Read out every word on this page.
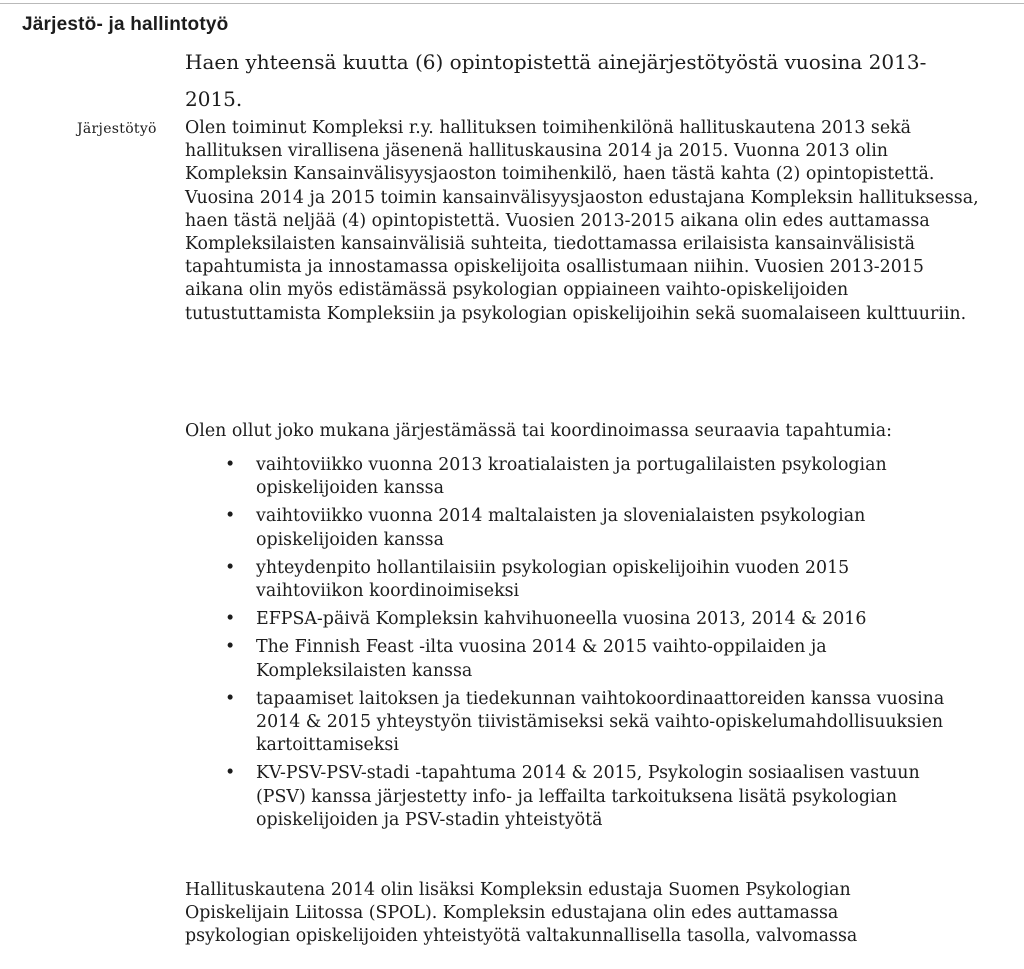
Järjestö- ja hallintotyö
Haen yhteensä kuutta (6) opintopistettä ainejärjestötyöstä vuosina 2013-2015.
Järjestötyö Olen toiminut Kompleksi r.y. hallituksen toimihenkilönä hallituskautena 2013 sekä hallituksen virallisena jäsenenä hallituskausina 2014 ja 2015. Vuonna 2013 olin Kompleksin Kansainvälisyysjaoston toimihenkilö, haen tästä kahta (2) opintopistettä. Vuosina 2014 ja 2015 toimin kansainvälisyysjaoston edustajana Kompleksin hallituksessa, haen tästä neljää (4) opintopistettä. Vuosien 2013-2015 aikana olin edes auttamassa Kompleksilaisten kansainvälisiä suhteita, tiedottamassa erilaisista kansainvälisistä tapahtumista ja innostamassa opiskelijoita osallistumaan niihin. Vuosien 2013-2015 aikana olin myös edistämässä psykologian oppiaineen vaihto-opiskelijoiden tutustuttamista Kompleksiin ja psykologian opiskelijoihin sekä suomalaiseen kulttuuriin.
Olen ollut joko mukana järjestämässä tai koordinoimassa seuraavia tapahtumia:
• vaihtoviikko vuonna 2013 kroatialaisten ja portugalilaisten psykologian opiskelijoiden kanssa
• vaihtoviikko vuonna 2014 maltalaisten ja slovenialaisten psykologian opiskelijoiden kanssa
• yhteydenpito hollantilaisiin psykologian opiskelijoihin vuoden 2015 vaihtoviikon koordinoimiseksi
• EFPSA-päivä Kompleksin kahvihuoneella vuosina 2013, 2014 & 2016
• The Finnish Feast -ilta vuosina 2014 & 2015 vaihto-oppilaiden ja Kompleksilaisten kanssa
• tapaamiset laitoksen ja tiedekunnan vaihtokoordinaattoreiden kanssa vuosina 2014 & 2015 yhteystyön tiivistämiseksi sekä vaihto-opiskelumahdollisuuksien kartoittamiseksi
• KV-PSV-PSV-stadi -tapahtuma 2014 & 2015, Psykologin sosiaalisen vastuun (PSV) kanssa järjestetty info- ja leffailta tarkoituksena lisätä psykologian opiskelijoiden ja PSV-stadin yhteistyötä
Hallituskautena 2014 olin lisäksi Kompleksin edustaja Suomen Psykologian Opiskelijain Liitossa (SPOL). Kompleksin edustajana olin edes auttamassa psykologian opiskelijoiden yhteistyötä valtakunnallisella tasolla, valvomassa
